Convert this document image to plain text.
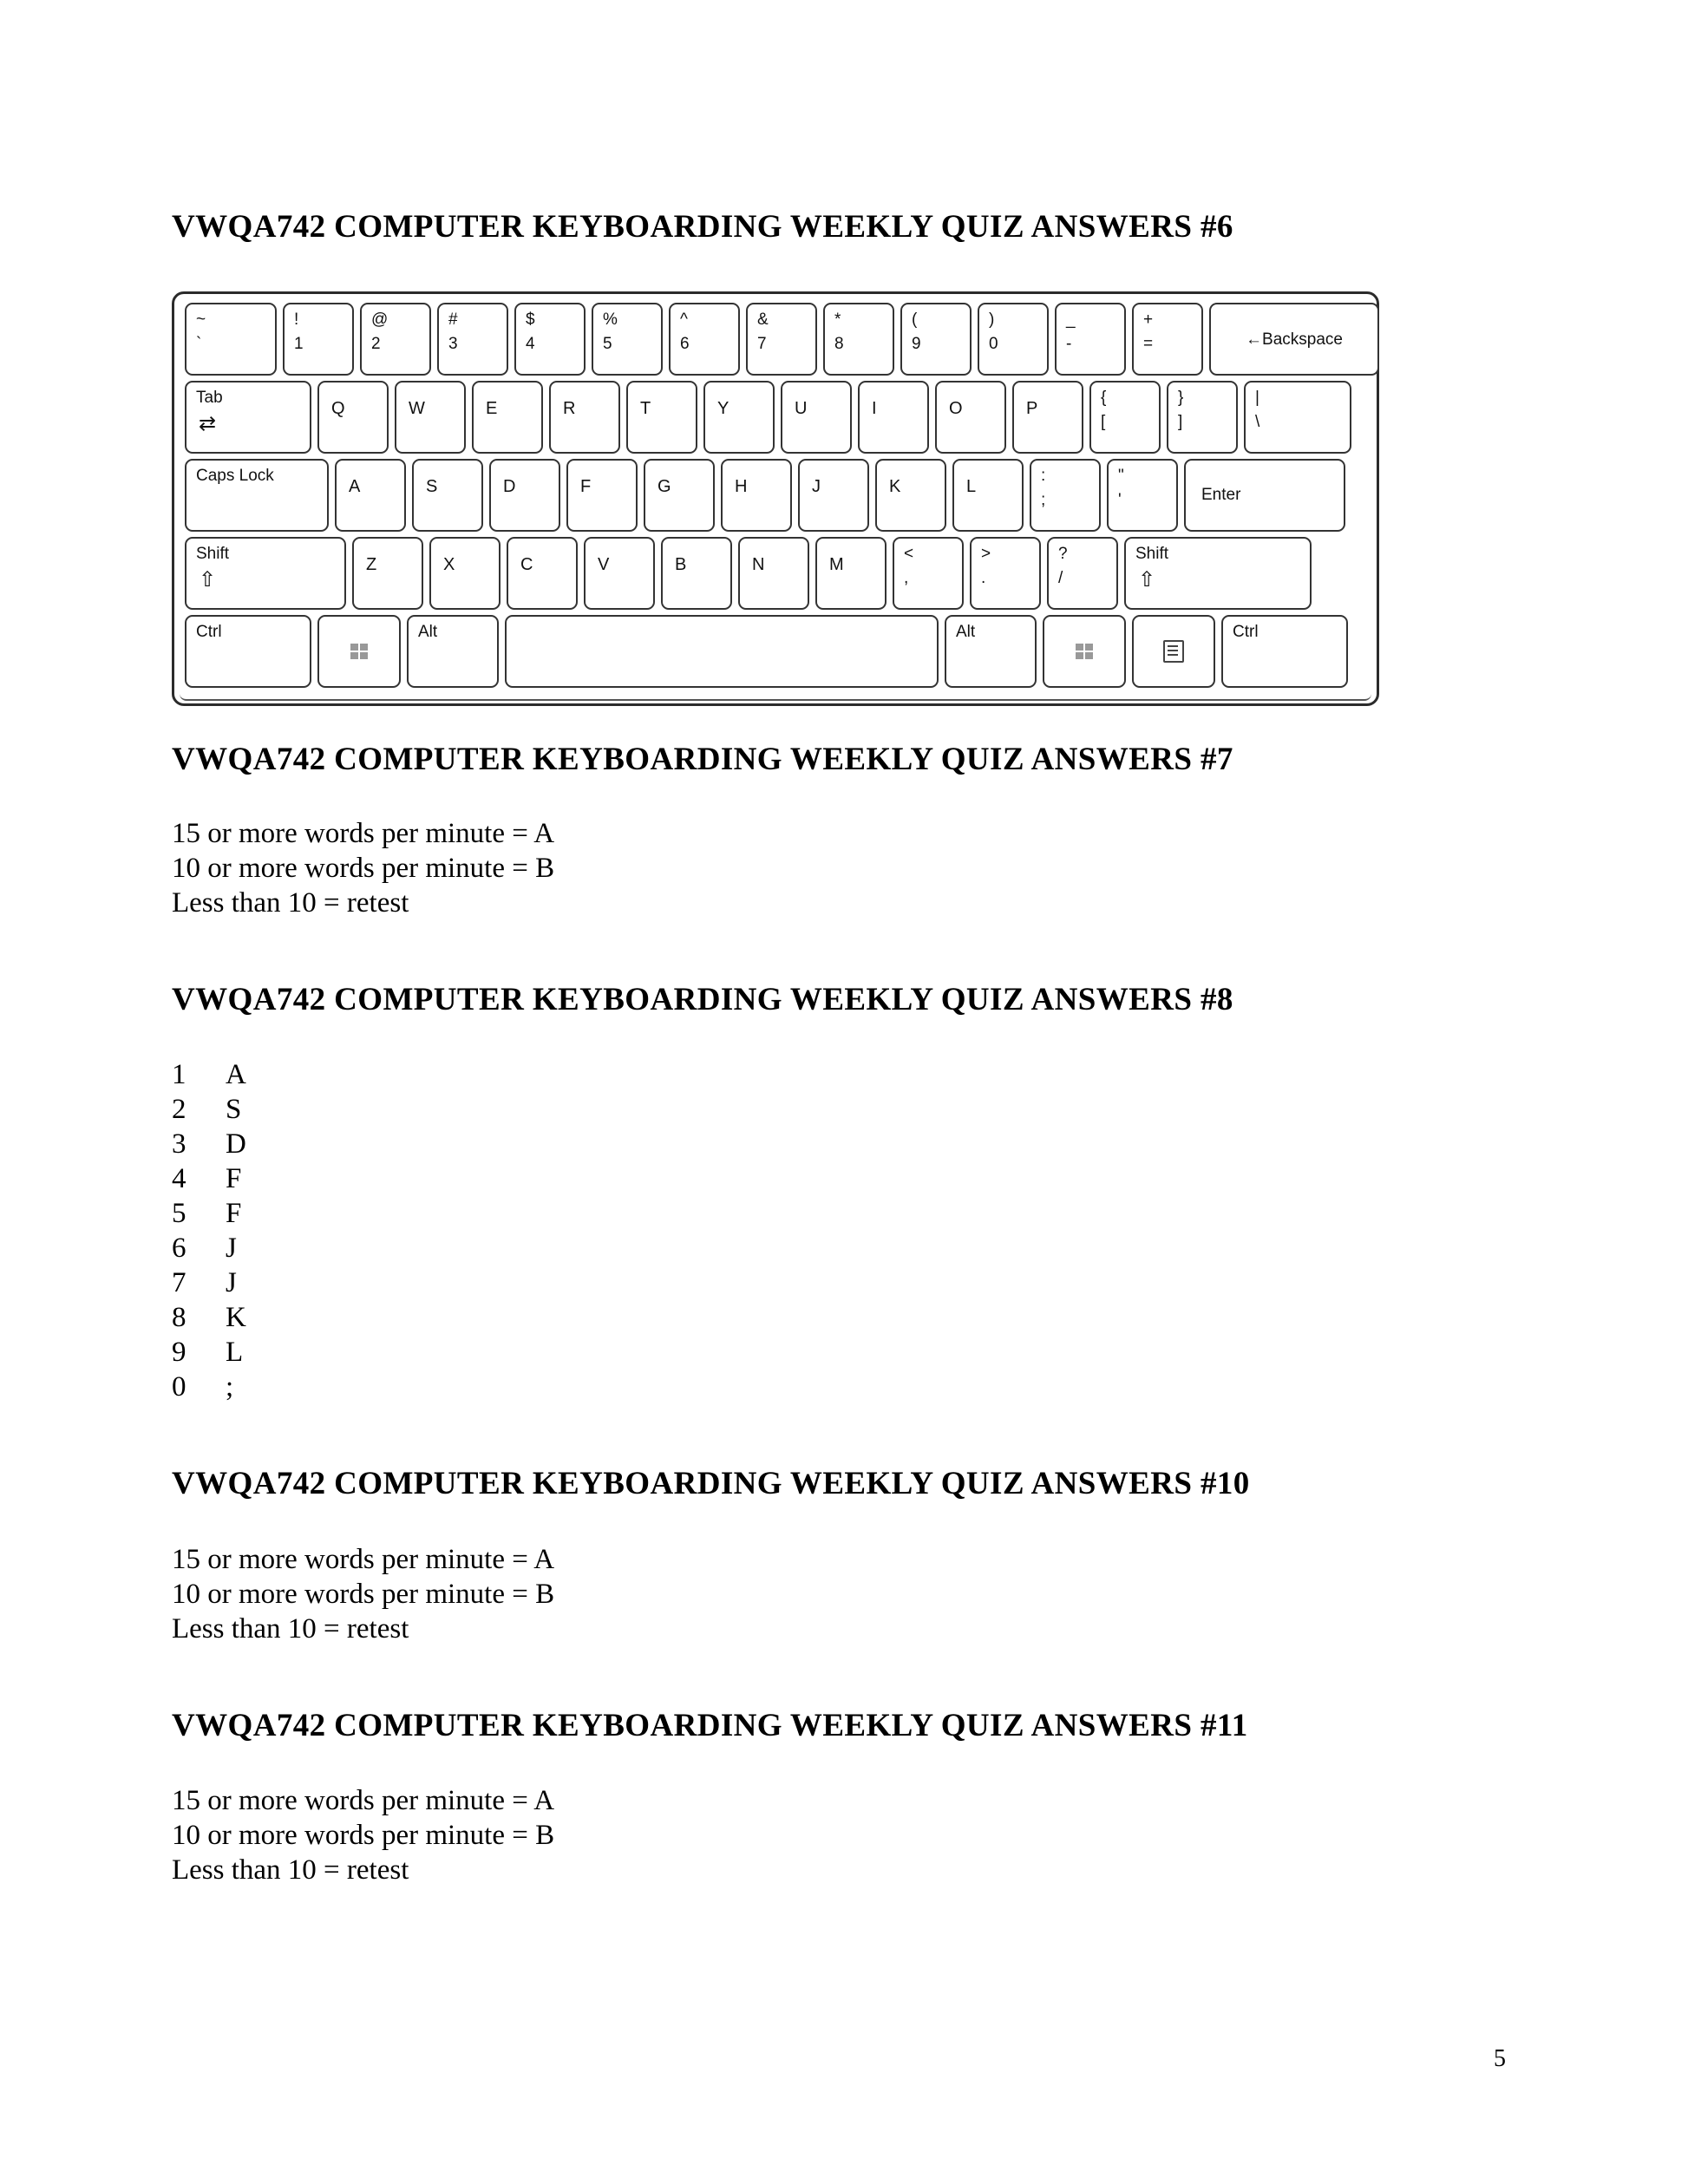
VWQA742 COMPUTER KEYBOARDING WEEKLY QUIZ ANSWERS #6
~
`
!
1
@
2
#
3
$
4
%
5
^
6
&
7
*
8
(
9
)
0
_
-
+
=	←Backspace
Tab
⇄
Q	W	E	R	T	Y	U	I	O	P
{
[
}
]
|
\
Caps Lock
A	S	D	F	G	H	J	K	L
:
;
"
'	Enter
Shift
⇧
Z	X	C	V	B	N	M
<
,
>
.
?
/
Shift
⇧
Ctrl	Alt	Alt	Ctrl
VWQA742 COMPUTER KEYBOARDING WEEKLY QUIZ ANSWERS #7
15 or more words per minute = A
10 or more words per minute = B
Less than 10 = retest
VWQA742 COMPUTER KEYBOARDING WEEKLY QUIZ ANSWERS #8
1 A
2 S
3 D
4 F
5 F
6 J
7 J
8 K
9 L
0 ;
VWQA742 COMPUTER KEYBOARDING WEEKLY QUIZ ANSWERS #10
15 or more words per minute = A
10 or more words per minute = B
Less than 10 = retest
VWQA742 COMPUTER KEYBOARDING WEEKLY QUIZ ANSWERS #11
15 or more words per minute = A
10 or more words per minute = B
Less than 10 = retest
5
